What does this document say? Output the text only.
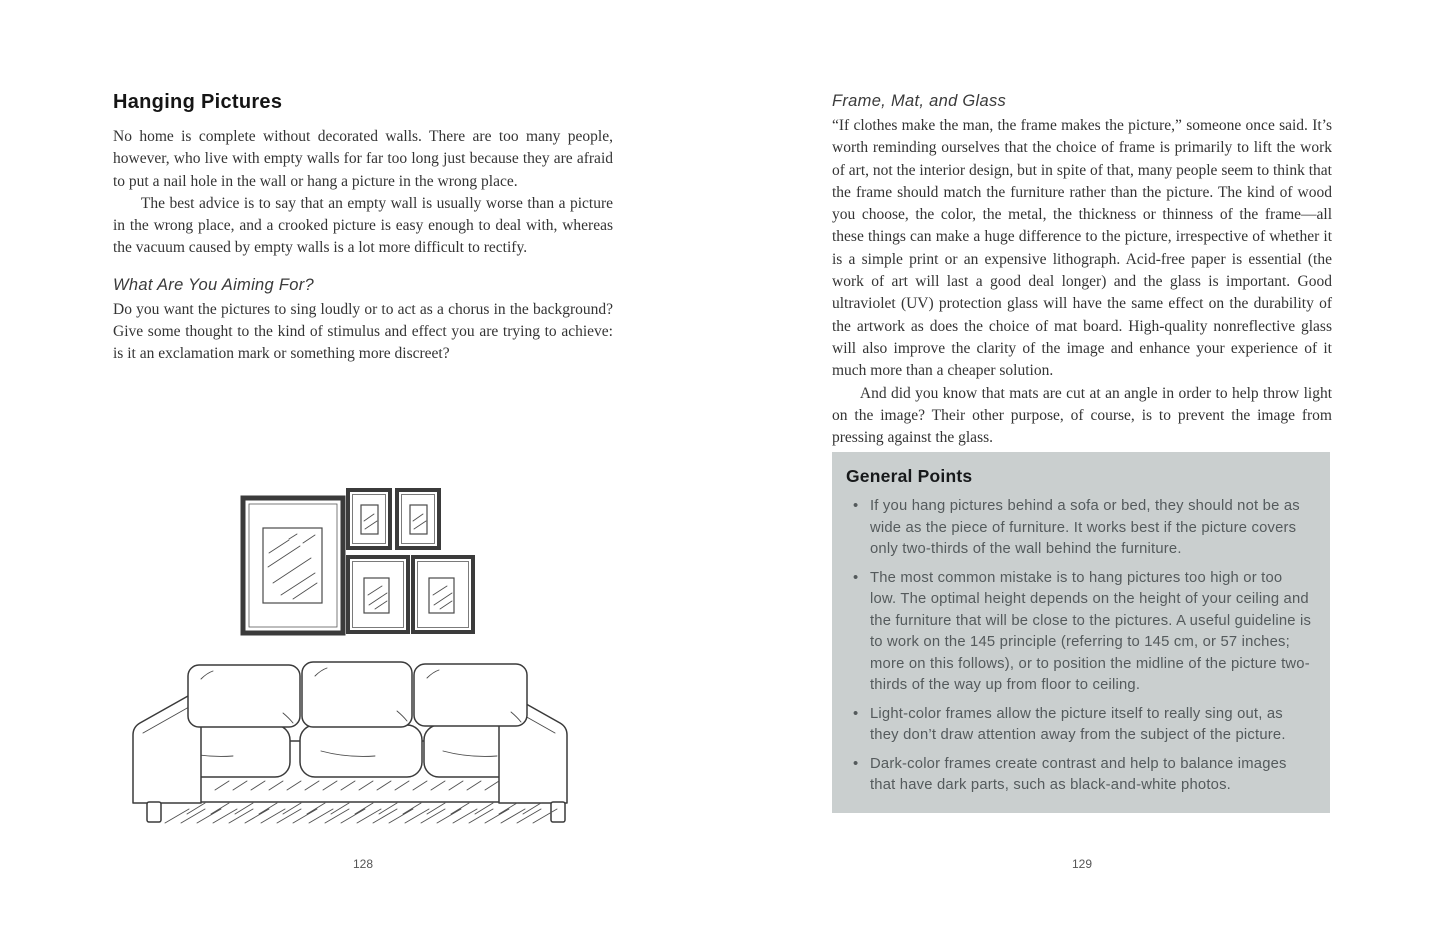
Hanging Pictures

No home is complete without decorated walls. There are too many people, however, who live with empty walls for far too long just because they are afraid to put a nail hole in the wall or hang a picture in the wrong place.

The best advice is to say that an empty wall is usually worse than a picture in the wrong place, and a crooked picture is easy enough to deal with, whereas the vacuum caused by empty walls is a lot more difficult to rectify.

What Are You Aiming For?

Do you want the pictures to sing loudly or to act as a chorus in the background? Give some thought to the kind of stimulus and effect you are trying to achieve: is it an exclamation mark or something more discreet?

128
Frame, Mat, and Glass

“If clothes make the man, the frame makes the picture,” someone once said. It’s worth reminding ourselves that the choice of frame is primarily to lift the work of art, not the interior design, but in spite of that, many people seem to think that the frame should match the furniture rather than the picture. The kind of wood you choose, the color, the metal, the thickness or thinness of the frame—all these things can make a huge difference to the picture, irrespective of whether it is a simple print or an expensive lithograph. Acid-free paper is essential (the work of art will last a good deal longer) and the glass is important. Good ultraviolet (UV) protection glass will have the same effect on the durability of the artwork as does the choice of mat board. High-quality nonreflective glass will also improve the clarity of the image and enhance your experience of it much more than a cheaper solution.

And did you know that mats are cut at an angle in order to help throw light on the image? Their other purpose, of course, is to prevent the image from pressing against the glass.

General Points
• If you hang pictures behind a sofa or bed, they should not be as wide as the piece of furniture. It works best if the picture covers only two-thirds of the wall behind the furniture.
• The most common mistake is to hang pictures too high or too low. The optimal height depends on the height of your ceiling and the furniture that will be close to the pictures. A useful guideline is to work on the 145 principle (referring to 145 cm, or 57 inches; more on this follows), or to position the midline of the picture two-thirds of the way up from floor to ceiling.
• Light-color frames allow the picture itself to really sing out, as they don’t draw attention away from the subject of the picture.
• Dark-color frames create contrast and help to balance images that have dark parts, such as black-and-white photos.
129
